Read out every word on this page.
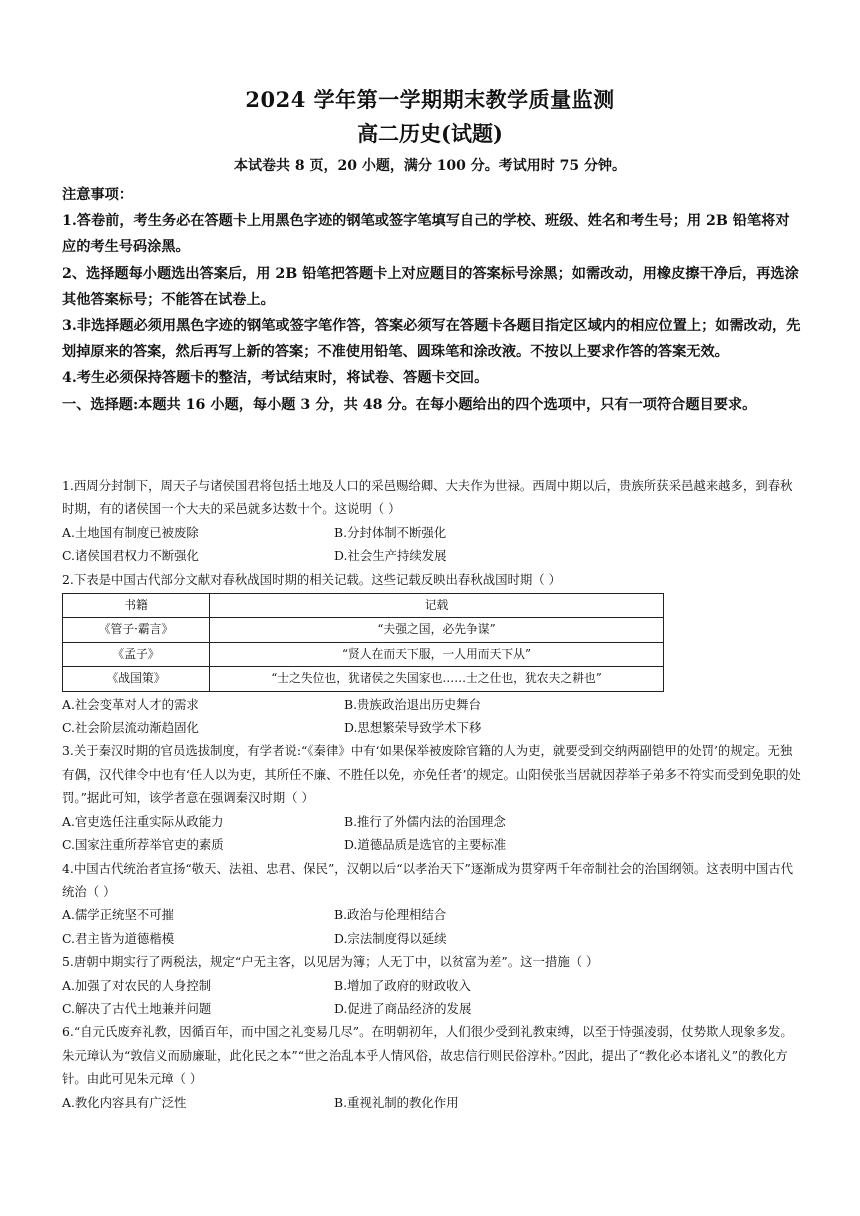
2024 学年第一学期期末教学质量监测
高二历史(试题)
本试卷共 8 页，20 小题，满分 100 分。考试用时 75 分钟。

注意事项：

1.答卷前，考生务必在答题卡上用黑色字迹的钢笔或签字笔填写自己的学校、班级、姓名和考生号；用 2B 铅笔将对应的考生号码涂黑。

2、选择题每小题选出答案后，用 2B 铅笔把答题卡上对应题目的答案标号涂黑；如需改动，用橡皮擦干净后，再选涂其他答案标号；不能答在试卷上。

3.非选择题必须用黑色字迹的钢笔或签字笔作答，答案必须写在答题卡各题目指定区域内的相应位置上；如需改动，先划掉原来的答案，然后再写上新的答案；不准使用铅笔、圆珠笔和涂改液。不按以上要求作答的答案无效。

4.考生必须保持答题卡的整洁，考试结束时，将试卷、答题卡交回。

一、选择题:本题共 16 小题，每小题 3 分，共 48 分。在每小题给出的四个选项中，只有一项符合题目要求。

1.西周分封制下，周天子与诸侯国君将包括土地及人口的采邑赐给卿、大夫作为世禄。西周中期以后，贵族所获采邑越来越多，到春秋时期，有的诸侯国一个大夫的采邑就多达数十个。这说明（ ）

A.土地国有制度已被废除	B.分封体制不断强化
C.诸侯国君权力不断强化	D.社会生产持续发展

2.下表是中国古代部分文献对春秋战国时期的相关记载。这些记载反映出春秋战国时期（ ）

书籍	记载
《管子·霸言》	“夫强之国，必先争谋”
《孟子》	“贤人在而天下服，一人用而天下从”
《战国策》	“士之失位也，犹诸侯之失国家也……士之仕也，犹农夫之耕也”
A.社会变革对人才的需求	B.贵族政治退出历史舞台
C.社会阶层流动渐趋固化	D.思想繁荣导致学术下移

3.关于秦汉时期的官员选拔制度，有学者说:“《秦律》中有‘如果保举被废除官籍的人为吏，就要受到交纳两副铠甲的处罚’的规定。无独有偶，汉代律令中也有‘任人以为吏，其所任不廉、不胜任以免，亦免任者’的规定。山阳侯张当居就因荐举子弟多不符实而受到免职的处罚。”据此可知，该学者意在强调秦汉时期（ ）

A.官吏选任注重实际从政能力	B.推行了外儒内法的治国理念
C.国家注重所荐举官吏的素质	D.道德品质是选官的主要标准

4.中国古代统治者宣扬“敬天、法祖、忠君、保民”，汉朝以后“以孝治天下”逐渐成为贯穿两千年帝制社会的治国纲领。这表明中国古代统治（ ）

A.儒学正统坚不可摧	B.政治与伦理相结合
C.君主皆为道德楷模	D.宗法制度得以延续

5.唐朝中期实行了两税法，规定“户无主客，以见居为簿；人无丁中，以贫富为差”。这一措施（ ）

A.加强了对农民的人身控制	B.增加了政府的财政收入
C.解决了古代土地兼并问题	D.促进了商品经济的发展

6.“自元氏废弃礼教，因循百年，而中国之礼变易几尽”。在明朝初年，人们很少受到礼教束缚，以至于恃强凌弱，仗势欺人现象多发。朱元璋认为“敦信义而励廉耻，此化民之本”“世之治乱本乎人情风俗，故忠信行则民俗淳朴。”因此，提出了“教化必本诸礼义”的教化方针。由此可见朱元璋（ ）

A.教化内容具有广泛性	B.重视礼制的教化作用
